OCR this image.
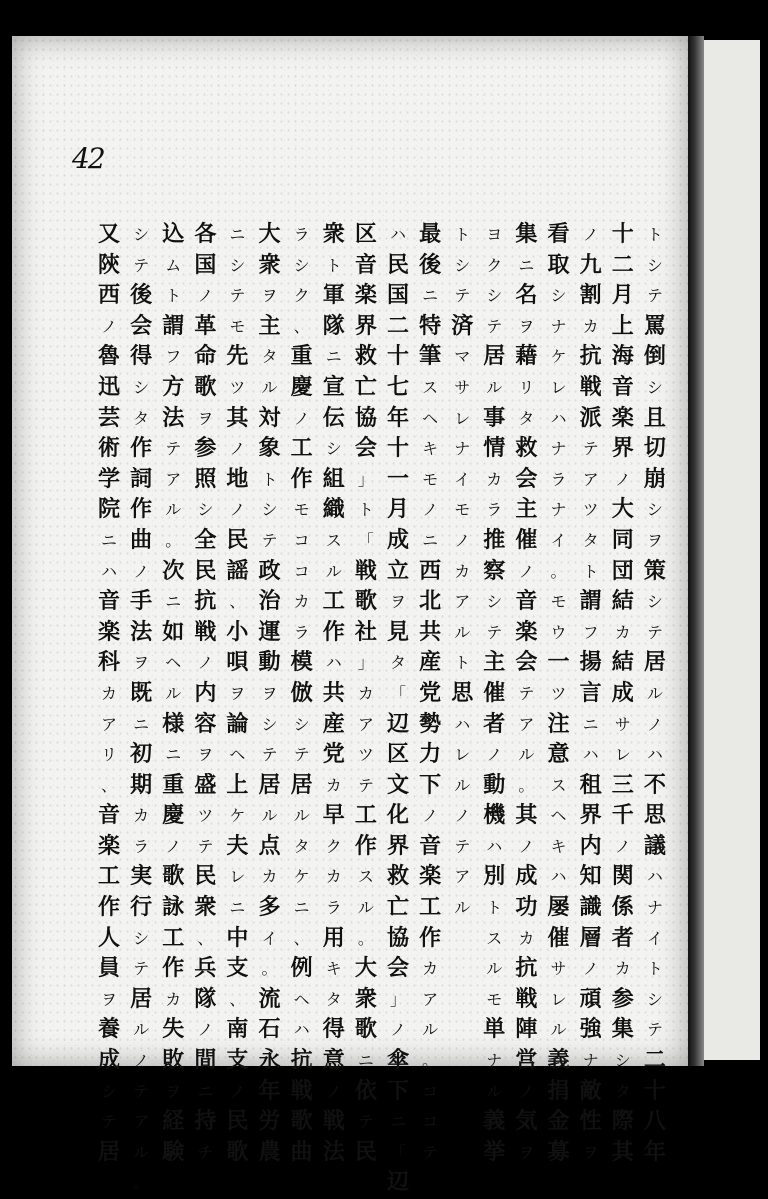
42
ト
シ
テ
罵
倒
シ
且
切
崩
シ
ヲ
策
シ
テ
居
ル
ノ
ハ
不
思
議
ハ
ナ
イ
ト
シ
テ
二
十
八
年
十
二
月
上
海
音
楽
界
ノ
大
同
団
結
カ
結
成
サ
レ
三
千
ノ
関
係
者
カ
参
集
シ
タ
際
其
ノ
九
割
カ
抗
戦
派
テ
ア
ツ
タ
ト
謂
フ
揚
言
ニ
ハ
租
界
内
知
識
層
ノ
頑
強
ナ
敵
性
ヲ
看
取
シ
ナ
ケ
レ
ハ
ナ
ラ
ナ
イ
。
モ
ウ
一
ツ
注
意
ス
ヘ
キ
ハ
屡
催
サ
レ
ル
義
捐
金
募
集
ニ
名
ヲ
藉
リ
タ
救
会
主
催
ノ
音
楽
会
テ
ア
ル
。
其
ノ
成
功
カ
抗
戦
陣
営
ノ
気
ヲ
ヨ
ク
シ
テ
居
ル
事
情
カ
ラ
推
察
シ
テ
主
催
者
ノ
動
機
ハ
別
ト
ス
ル
モ
単
ナ
ル
義
挙
ト
シ
テ
済
マ
サ
レ
ナ
イ
モ
ノ
カ
ア
ル
ト
思
ハ
レ
ル
ノ
テ
ア
ル
最
後
ニ
特
筆
ス
ヘ
キ
モ
ノ
ニ
西
北
共
産
党
勢
力
下
ノ
音
楽
工
作
カ
ア
ル
。
コ
コ
テ
ハ
民
国
二
十
七
年
十
一
月
成
立
ヲ
見
タ
「
辺
区
文
化
界
救
亡
協
会
」
ノ
傘
下
ニ
「
辺
区
音
楽
界
救
亡
協
会
」
ト
「
戦
歌
社
」
カ
ア
ツ
テ
工
作
ス
ル
。
大
衆
歌
ニ
依
テ
民
衆
ト
軍
隊
ニ
宣
伝
シ
組
織
ス
ル
工
作
ハ
共
産
党
カ
早
ク
カ
ラ
用
キ
タ
得
意
ノ
戦
法
ラ
シ
ク
、
重
慶
ノ
工
作
モ
コ
コ
カ
ラ
模
倣
シ
テ
居
ル
タ
ケ
ニ
、
例
ヘ
ハ
抗
戦
歌
曲
大
衆
ヲ
主
タ
ル
対
象
ト
シ
テ
政
治
運
動
ヲ
シ
テ
居
ル
点
カ
多
イ
。
流
石
永
年
労
農
ニ
シ
テ
モ
先
ツ
其
ノ
地
ノ
民
謡
、
小
唄
ヲ
論
ヘ
上
ケ
夫
レ
ニ
中
支
、
南
支
ノ
民
歌
各
国
ノ
革
命
歌
ヲ
参
照
シ
全
民
抗
戦
ノ
内
容
ヲ
盛
ツ
テ
民
衆
、
兵
隊
ノ
間
ニ
持
チ
込
ム
ト
謂
フ
方
法
テ
ア
ル
。
次
ニ
如
ヘ
ル
様
ニ
重
慶
ノ
歌
詠
工
作
カ
失
敗
ヲ
経
験
シ
テ
後
会
得
シ
タ
作
詞
作
曲
ノ
手
法
ヲ
既
ニ
初
期
カ
ラ
実
行
シ
テ
居
ル
ノ
テ
ア
ル
。
又
陝
西
ノ
魯
迅
芸
術
学
院
ニ
ハ
音
楽
科
カ
ア
リ
、
音
楽
工
作
人
員
ヲ
養
成
シ
テ
居
